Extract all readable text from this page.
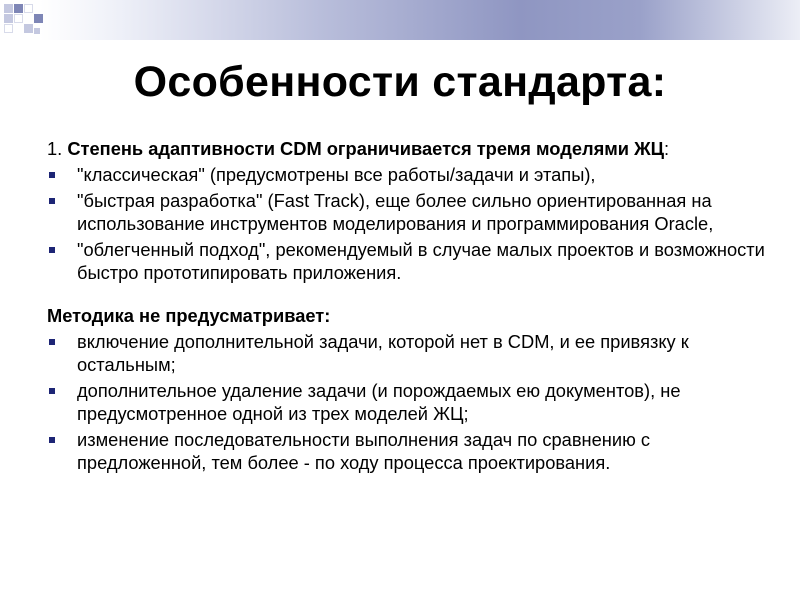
Особенности стандарта:

1. Степень адаптивности CDM ограничивается тремя моделями ЖЦ:

"классическая" (предусмотрены все работы/задачи и этапы),
"быстрая разработка" (Fast Track), еще более сильно ориентированная на использование инструментов моделирования и программирования Oracle,
"облегченный подход", рекомендуемый в случае малых проектов и возможности быстро прототипировать приложения.

Методика не предусматривает:

включение дополнительной задачи, которой нет в CDM, и ее привязку к остальным;
дополнительное удаление задачи (и порождаемых ею документов), не предусмотренное одной из трех моделей ЖЦ;
изменение последовательности выполнения задач по сравнению с предложенной, тем более - по ходу процесса проектирования.
